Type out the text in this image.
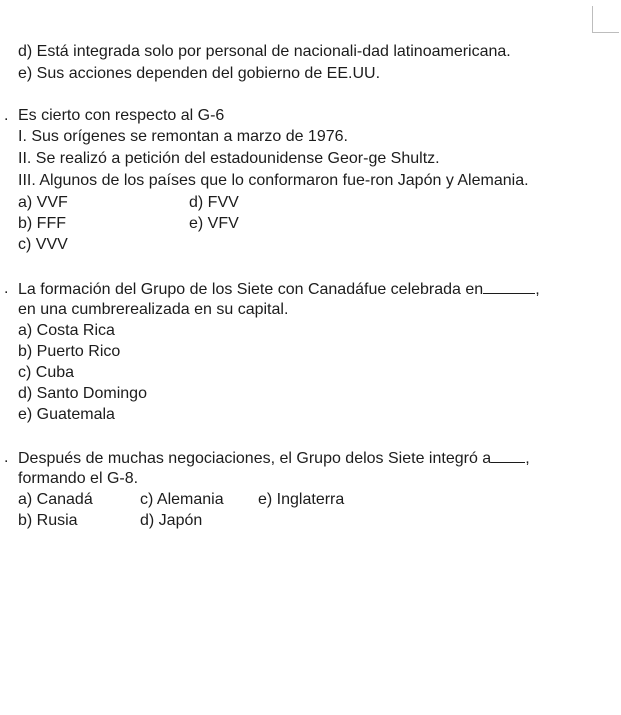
d) Está integrada solo por personal de nacionali-dad latinoamericana.
e) Sus acciones dependen del gobierno de EE.UU.
. Es cierto con respecto al G-6
I. Sus orígenes se remontan a marzo de 1976.
II. Se realizó a petición del estadounidense Geor-ge Shultz.
III. Algunos de los países que lo conformaron fue-ron Japón y Alemania.
a) VVF	d) FVV
b) FFF	e) VFV
c) VVV
. La formación del Grupo de los Siete con Canadáfue celebrada en	,
en una cumbrerealizada en su capital.
a) Costa Rica
b) Puerto Rico
c) Cuba
d) Santo Domingo
e) Guatemala
. Después de muchas negociaciones, el Grupo delos Siete integró a ,
formando el G-8.
a) Canadá	c) Alemania e) Inglaterra
b) Rusia	d) Japón
